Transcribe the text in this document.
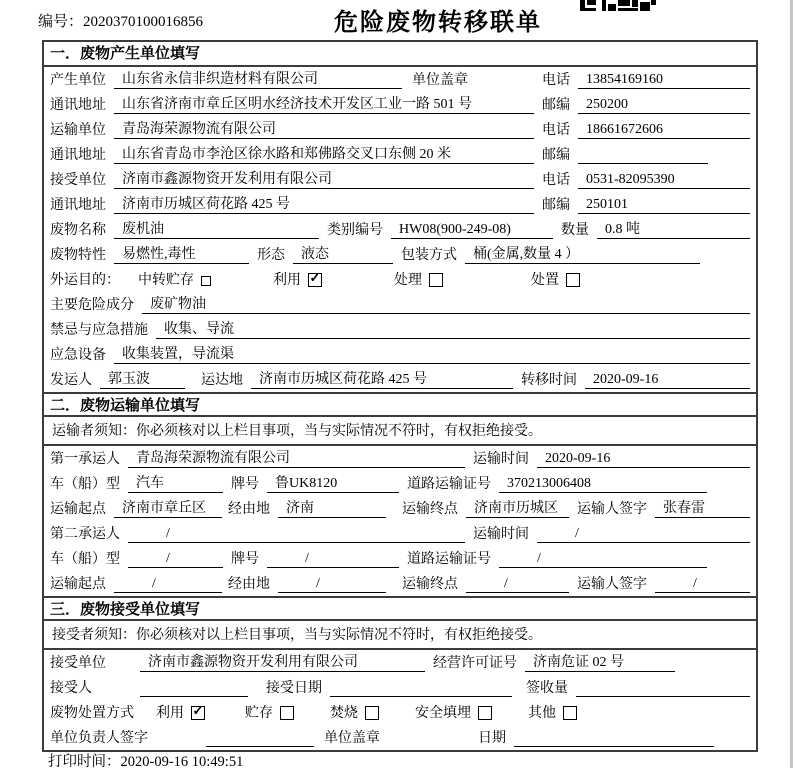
编号：2020370100016856	危险废物转移联单
一．废物产生单位填写
产生单位	山东省永信非织造材料有限公司	单位盖章	电话	13854169160
通讯地址	山东省济南市章丘区明水经济技术开发区工业一路 501 号	邮编	250200
运输单位	青岛海荣源物流有限公司	电话	18661672606
通讯地址	山东省青岛市李沧区徐水路和郑佛路交叉口东侧 20 米	邮编
接受单位	济南市鑫源物资开发利用有限公司	电话	0531-82095390
通讯地址	济南市历城区荷花路 425 号	邮编	250101
废物名称	废机油	类别编号	HW08(900-249-08)	数量	0.8 吨
废物特性	易燃性,毒性	形态	液态	包装方式	桶(金属,数量 4 ）
外运目的： 中转贮存	利用 ✓	处理	处置
主要危险成分	废矿物油
禁忌与应急措施	收集、导流
应急设备	收集装置，导流渠
发运人	郭玉波	运达地	济南市历城区荷花路 425 号	转移时间	2020-09-16
二．废物运输单位填写
运输者须知：你必须核对以上栏目事项，当与实际情况不符时，有权拒绝接受。
第一承运人	青岛海荣源物流有限公司	运输时间	2020-09-16
车（船）型	汽车	牌号	鲁UK8120	道路运输证号	370213006408
运输起点	济南市章丘区	经由地	济南	运输终点	济南市历城区	运输人签字	张春雷
第二承运人	/	运输时间	/
车（船）型	/	牌号	/	道路运输证号	/
运输起点	/	经由地	/	运输终点	/	运输人签字	/
三．废物接受单位填写
接受者须知：你必须核对以上栏目事项，当与实际情况不符时，有权拒绝接受。
接受单位	济南市鑫源物资开发利用有限公司	经营许可证号	济南危证 02 号
接受人	接受日期	签收量
废物处置方式 利用 ✓	贮存	焚烧	安全填埋	其他
单位负责人签字	单位盖章	日期
打印时间：2020-09-16 10:49:51
